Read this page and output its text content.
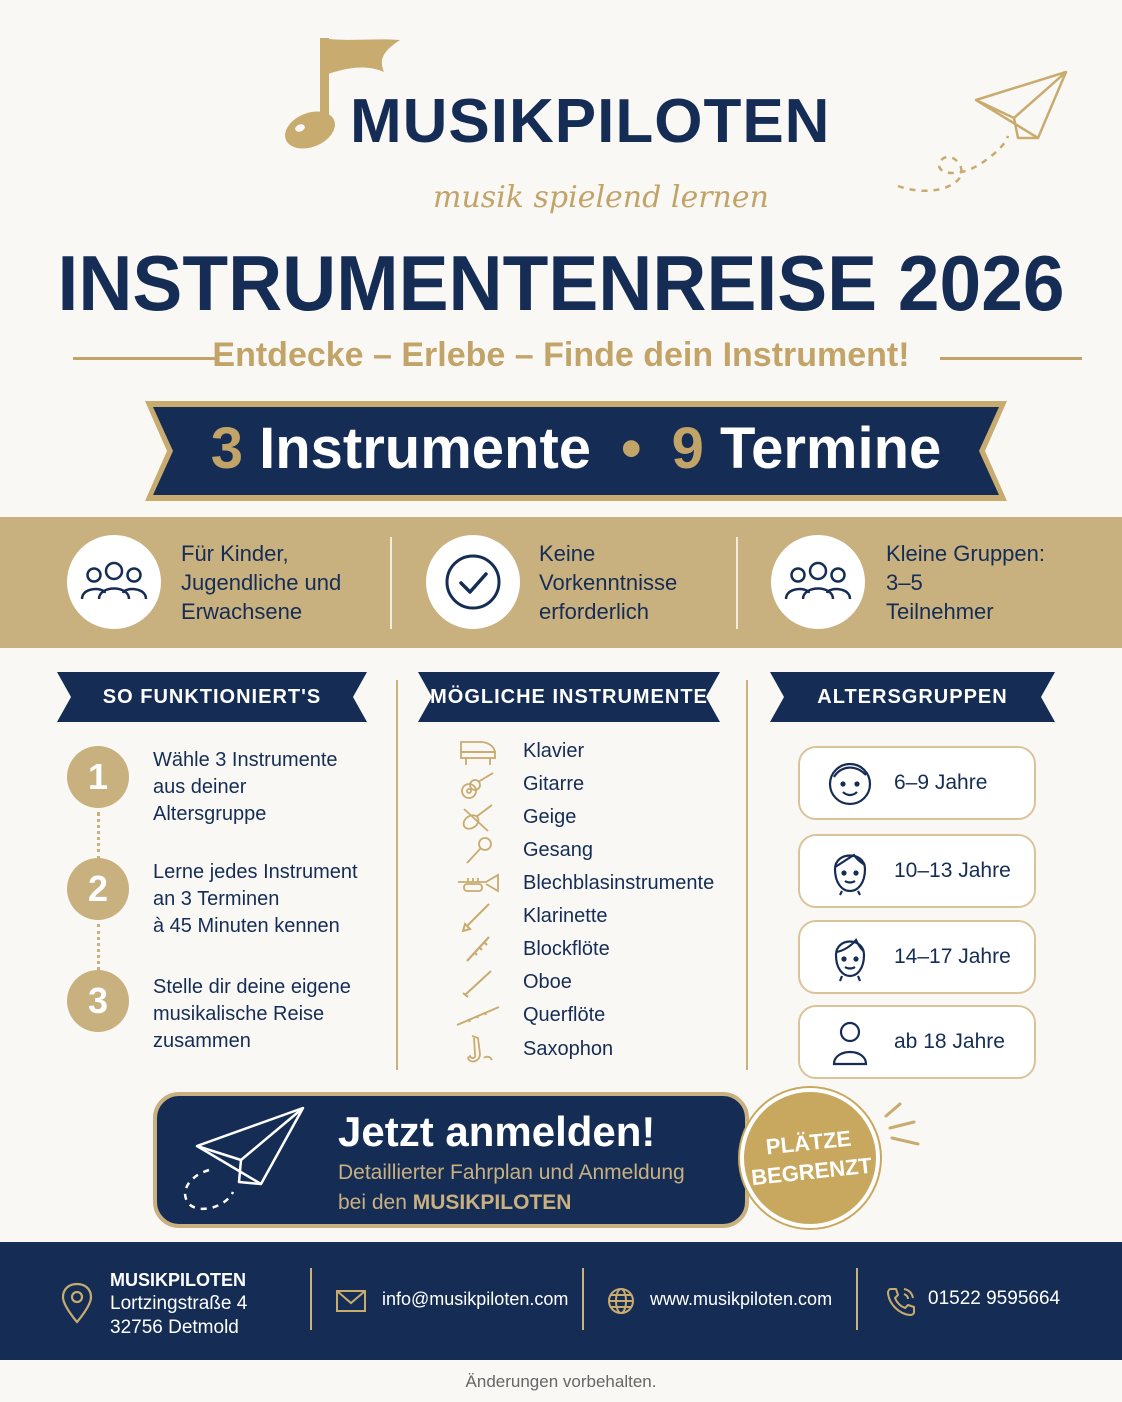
MUSIKPILOTEN
musik spielend lernen
INSTRUMENTENREISE 2026
Entdecke – Erlebe – Finde dein Instrument!
3 Instrumente • 9 Termine
Für Kinder,
Jugendliche und
Erwachsene
Keine
Vorkenntnisse
erforderlich
Kleine Gruppen:
3–5
Teilnehmer
SO FUNKTIONIERT'S	MÖGLICHE INSTRUMENTE	ALTERSGRUPPEN
1	Wähle 3 Instrumente
aus deiner
Altersgruppe
2	Lerne jedes Instrument
an 3 Terminen
à 45 Minuten kennen
3	Stelle dir deine eigene
musikalische Reise
zusammen
Klavier
Gitarre
Geige
Gesang
Blechblasinstrumente
Klarinette
Blockflöte
Oboe
Querflöte
Saxophon
6–9 Jahre
10–13 Jahre
14–17 Jahre
ab 18 Jahre
Jetzt anmelden!
Detaillierter Fahrplan und Anmeldung
bei den MUSIKPILOTEN
PLÄTZE
BEGRENZT
MUSIKPILOTEN
Lortzingstraße 4
32756 Detmold
info@musikpiloten.com	www.musikpiloten.com	01522 9595664
Änderungen vorbehalten.
